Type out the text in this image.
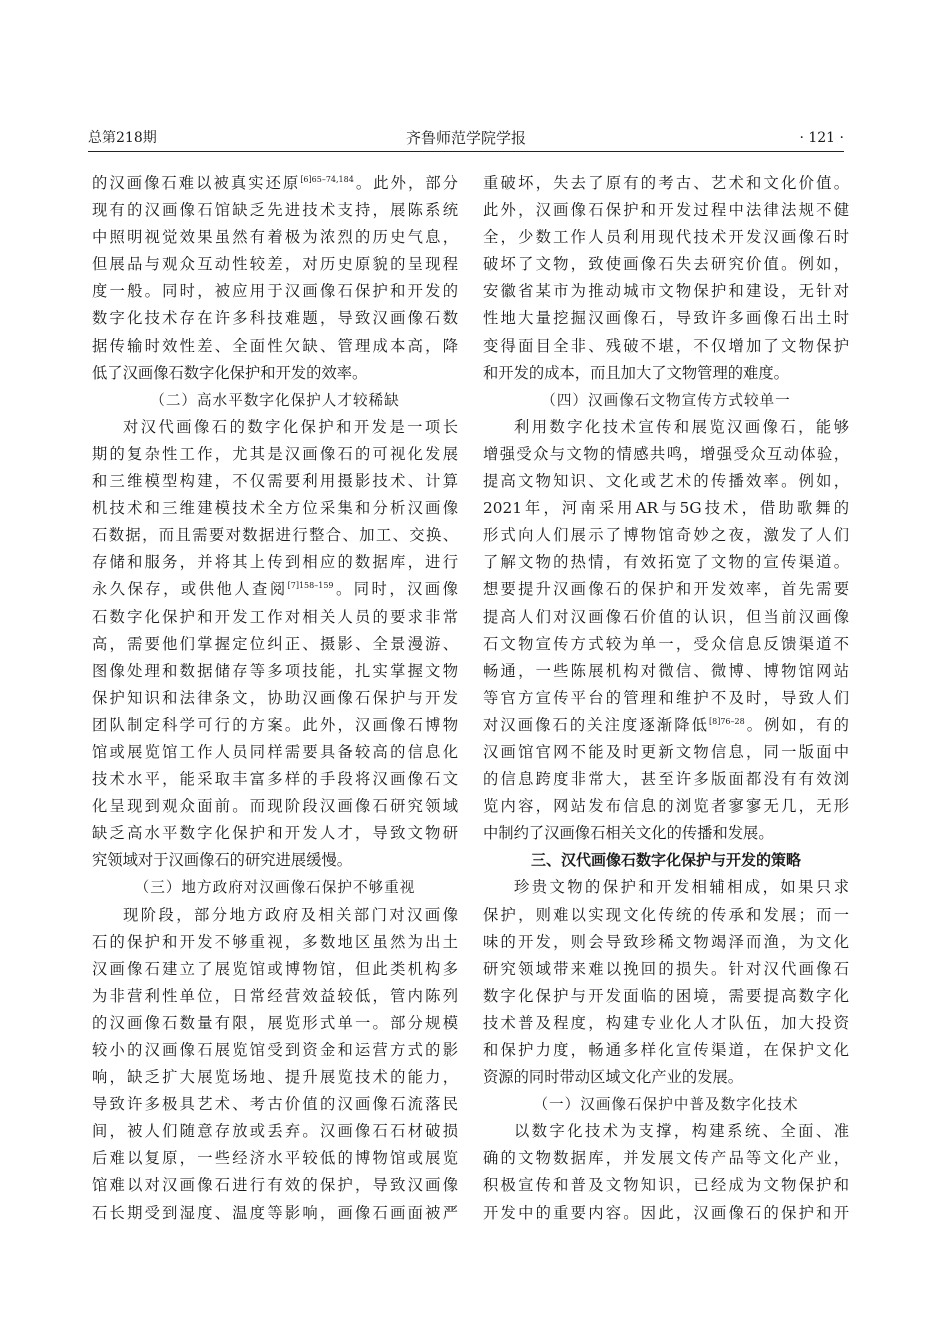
总第218期	齐鲁师范学院学报	· 121 ·
的汉画像石难以被真实还原$^{[6]65-74,184}$。此外，部分
现有的汉画像石馆缺乏先进技术支持，展陈系统
中照明视觉效果虽然有着极为浓烈的历史气息，
但展品与观众互动性较差，对历史原貌的呈现程
度一般。同时，被应用于汉画像石保护和开发的
数字化技术存在许多科技难题，导致汉画像石数
据传输时效性差、全面性欠缺、管理成本高，降
低了汉画像石数字化保护和开发的效率。
（二）高水平数字化保护人才较稀缺
对汉代画像石的数字化保护和开发是一项长
期的复杂性工作，尤其是汉画像石的可视化发展
和三维模型构建，不仅需要利用摄影技术、计算
机技术和三维建模技术全方位采集和分析汉画像
石数据，而且需要对数据进行整合、加工、交换、
存储和服务，并将其上传到相应的数据库，进行
永久保存，或供他人查阅$^{[7]158-159}$。同时，汉画像
石数字化保护和开发工作对相关人员的要求非常
高，需要他们掌握定位纠正、摄影、全景漫游、
图像处理和数据储存等多项技能，扎实掌握文物
保护知识和法律条文，协助汉画像石保护与开发
团队制定科学可行的方案。此外，汉画像石博物
馆或展览馆工作人员同样需要具备较高的信息化
技术水平，能采取丰富多样的手段将汉画像石文
化呈现到观众面前。而现阶段汉画像石研究领域
缺乏高水平数字化保护和开发人才，导致文物研
究领域对于汉画像石的研究进展缓慢。
（三）地方政府对汉画像石保护不够重视
现阶段，部分地方政府及相关部门对汉画像
石的保护和开发不够重视，多数地区虽然为出土
汉画像石建立了展览馆或博物馆，但此类机构多
为非营利性单位，日常经营效益较低，管内陈列
的汉画像石数量有限，展览形式单一。部分规模
较小的汉画像石展览馆受到资金和运营方式的影
响，缺乏扩大展览场地、提升展览技术的能力，
导致许多极具艺术、考古价值的汉画像石流落民
间，被人们随意存放或丢弃。汉画像石石材破损
后难以复原，一些经济水平较低的博物馆或展览
馆难以对汉画像石进行有效的保护，导致汉画像
石长期受到湿度、温度等影响，画像石画面被严
重破坏，失去了原有的考古、艺术和文化价值。
此外，汉画像石保护和开发过程中法律法规不健
全，少数工作人员利用现代技术开发汉画像石时
破坏了文物，致使画像石失去研究价值。例如，
安徽省某市为推动城市文物保护和建设，无针对
性地大量挖掘汉画像石，导致许多画像石出土时
变得面目全非、残破不堪，不仅增加了文物保护
和开发的成本，而且加大了文物管理的难度。
（四）汉画像石文物宣传方式较单一
利用数字化技术宣传和展览汉画像石，能够
增强受众与文物的情感共鸣，增强受众互动体验，
提高文物知识、文化或艺术的传播效率。例如，
2021年，河南采用AR与5G技术，借助歌舞的
形式向人们展示了博物馆奇妙之夜，激发了人们
了解文物的热情，有效拓宽了文物的宣传渠道。
想要提升汉画像石的保护和开发效率，首先需要
提高人们对汉画像石价值的认识，但当前汉画像
石文物宣传方式较为单一，受众信息反馈渠道不
畅通，一些陈展机构对微信、微博、博物馆网站
等官方宣传平台的管理和维护不及时，导致人们
对汉画像石的关注度逐渐降低$^{[8]76-28}$。例如，有的
汉画馆官网不能及时更新文物信息，同一版面中
的信息跨度非常大，甚至许多版面都没有有效浏
览内容，网站发布信息的浏览者寥寥无几，无形
中制约了汉画像石相关文化的传播和发展。
三、汉代画像石数字化保护与开发的策略
珍贵文物的保护和开发相辅相成，如果只求
保护，则难以实现文化传统的传承和发展；而一
味的开发，则会导致珍稀文物竭泽而渔，为文化
研究领域带来难以挽回的损失。针对汉代画像石
数字化保护与开发面临的困境，需要提高数字化
技术普及程度，构建专业化人才队伍，加大投资
和保护力度，畅通多样化宣传渠道，在保护文化
资源的同时带动区域文化产业的发展。
（一）汉画像石保护中普及数字化技术
以数字化技术为支撑，构建系统、全面、准
确的文物数据库，并发展文传产品等文化产业，
积极宣传和普及文物知识，已经成为文物保护和
开发中的重要内容。因此，汉画像石的保护和开
